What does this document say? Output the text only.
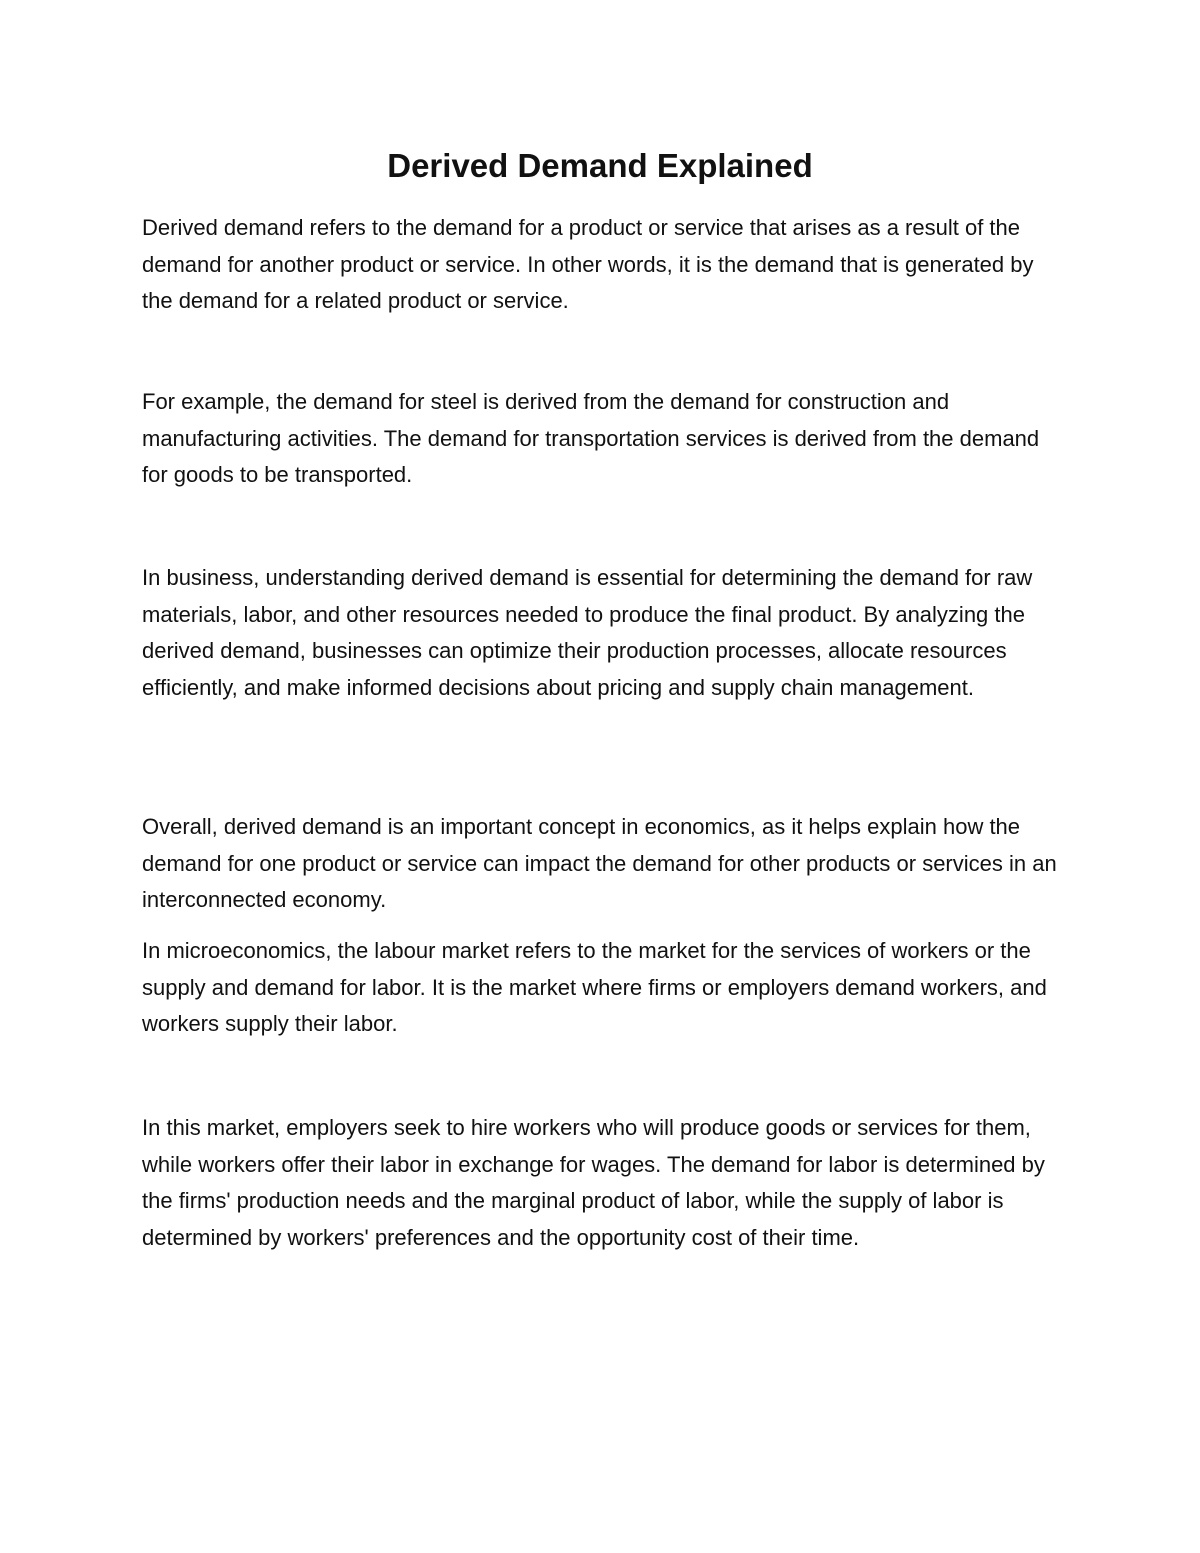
Derived Demand Explained

Derived demand refers to the demand for a product or service that arises as a result of the demand for another product or service. In other words, it is the demand that is generated by the demand for a related product or service.

For example, the demand for steel is derived from the demand for construction and manufacturing activities. The demand for transportation services is derived from the demand for goods to be transported.

In business, understanding derived demand is essential for determining the demand for raw materials, labor, and other resources needed to produce the final product. By analyzing the derived demand, businesses can optimize their production processes, allocate resources efficiently, and make informed decisions about pricing and supply chain management.

Overall, derived demand is an important concept in economics, as it helps explain how the demand for one product or service can impact the demand for other products or services in an interconnected economy.

In microeconomics, the labour market refers to the market for the services of workers or the supply and demand for labor. It is the market where firms or employers demand workers, and workers supply their labor.

In this market, employers seek to hire workers who will produce goods or services for them, while workers offer their labor in exchange for wages. The demand for labor is determined by the firms' production needs and the marginal product of labor, while the supply of labor is determined by workers' preferences and the opportunity cost of their time.
